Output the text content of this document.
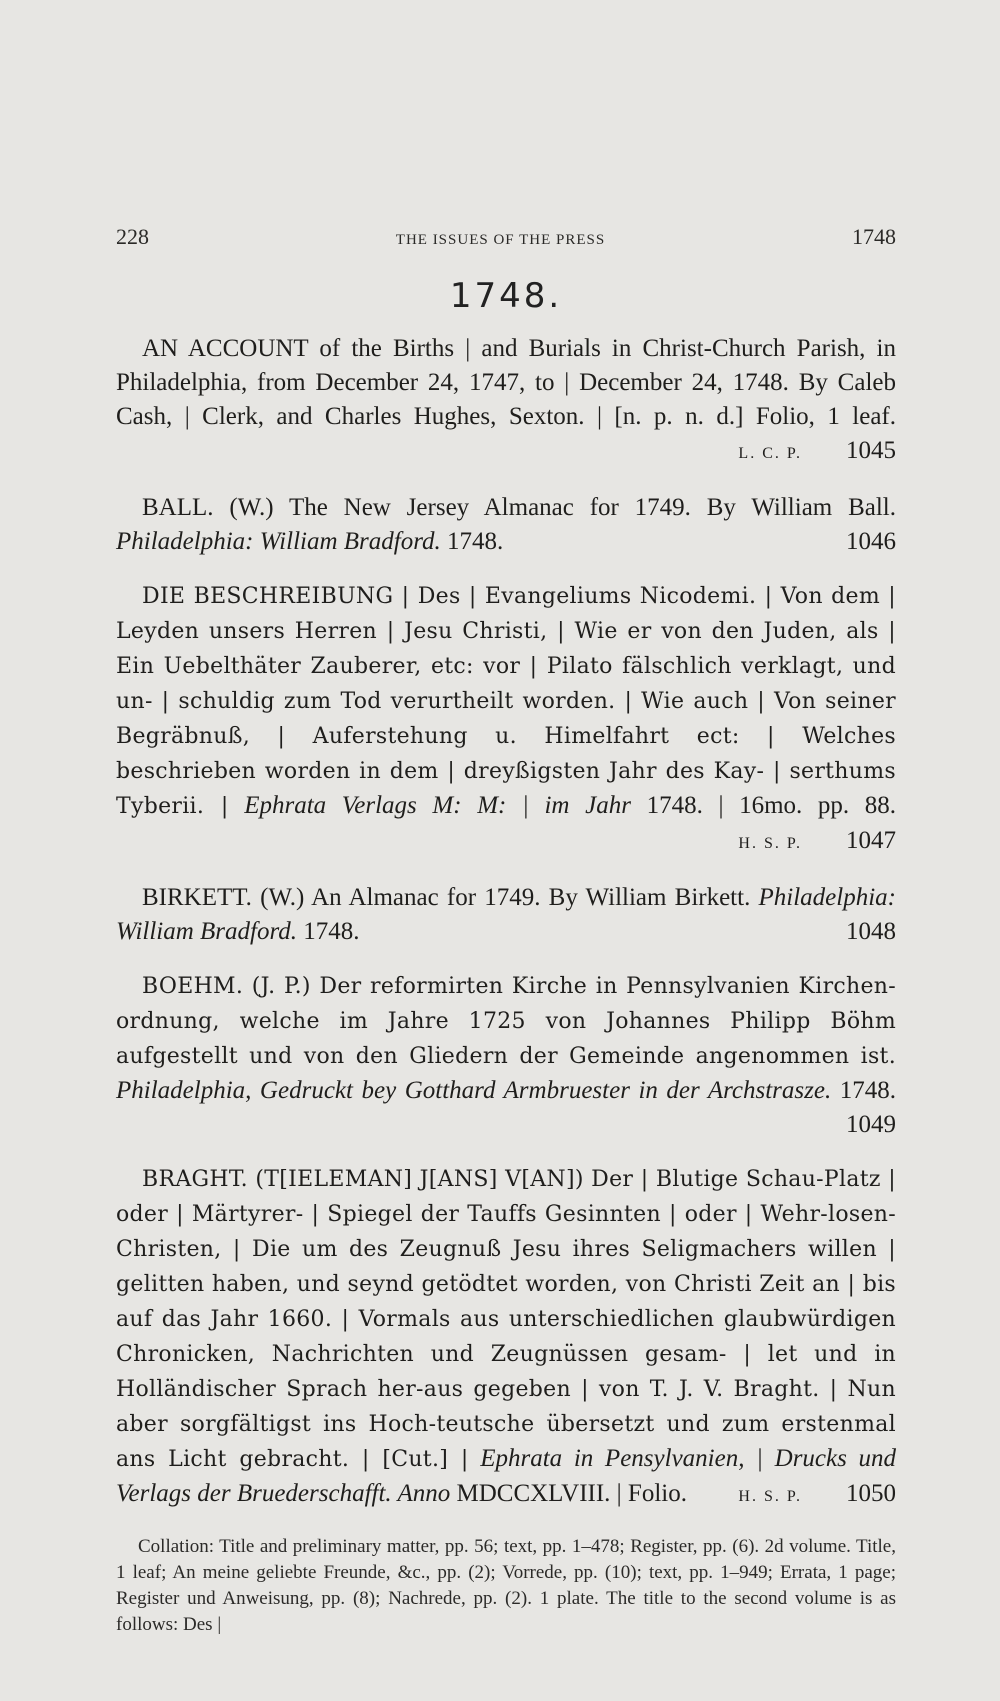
228	THE ISSUES OF THE PRESS	1748
1748.
AN ACCOUNT of the Births | and Burials in Christ-Church Parish, in Philadelphia, from December 24, 1747, to | December 24, 1748. By Caleb Cash, | Clerk, and Charles Hughes, Sexton. | [n. p. n. d.] Folio, 1 leaf.
L. C. P. 1045
BALL. (W.) The New Jersey Almanac for 1749. By William Ball. Philadelphia: William Bradford. 1748.	1046
DIE BESCHREIBUNG | Des | Evangeliums Nicodemi. | Von dem | Leyden unsers Herren | Jesu Christi, | Wie er von den Juden, als | Ein Uebelthäter Zauberer, etc: vor | Pilato fälschlich verklagt, und un- | schuldig zum Tod verurtheilt worden. | Wie auch | Von seiner Begräbnuß, | Auferstehung u. Himelfahrt ect: | Welches beschrieben worden in dem | dreyßigsten Jahr des Kay- | serthums Tyberii. | Ephrata Verlags M: M: | im Jahr 1748. | 16mo. pp. 88.
H. S. P. 1047
BIRKETT. (W.) An Almanac for 1749. By William Birkett. Philadelphia: William Bradford. 1748.	1048
BOEHM. (J. P.) Der reformirten Kirche in Pennsylvanien Kirchen-ordnung, welche im Jahre 1725 von Johannes Philipp Böhm aufgestellt und von den Gliedern der Gemeinde angenommen ist. Philadelphia, Gedruckt bey Gotthard Armbruester in der Archstrasze. 1748.
1049
BRAGHT. (T[IELEMAN] J[ANS] V[AN]) Der | Blutige Schau-Platz | oder | Märtyrer- | Spiegel der Tauffs Gesinnten | oder | Wehr-losen-Christen, | Die um des Zeugnuß Jesu ihres Seligmachers willen | gelitten haben, und seynd getödtet worden, von Christi Zeit an | bis auf das Jahr 1660. | Vormals aus unterschiedlichen glaubwürdigen Chronicken, Nachrichten und Zeugnüssen gesam- | let und in Holländischer Sprach her-aus gegeben | von T. J. V. Braght. | Nun aber sorgfältigst ins Hoch-teutsche übersetzt und zum erstenmal ans Licht gebracht. | [Cut.] | Ephrata in Pensylvanien, | Drucks und Verlags der Bruederschafft. Anno MDCCXLVIII. | Folio.	H. S. P. 1050
Collation: Title and preliminary matter, pp. 56; text, pp. 1–478; Register, pp. (6). 2d volume. Title, 1 leaf; An meine geliebte Freunde, &c., pp. (2); Vorrede, pp. (10); text, pp. 1–949; Errata, 1 page; Register und Anweisung, pp. (8); Nachrede, pp. (2). 1 plate. The title to the second volume is as follows: Des |
